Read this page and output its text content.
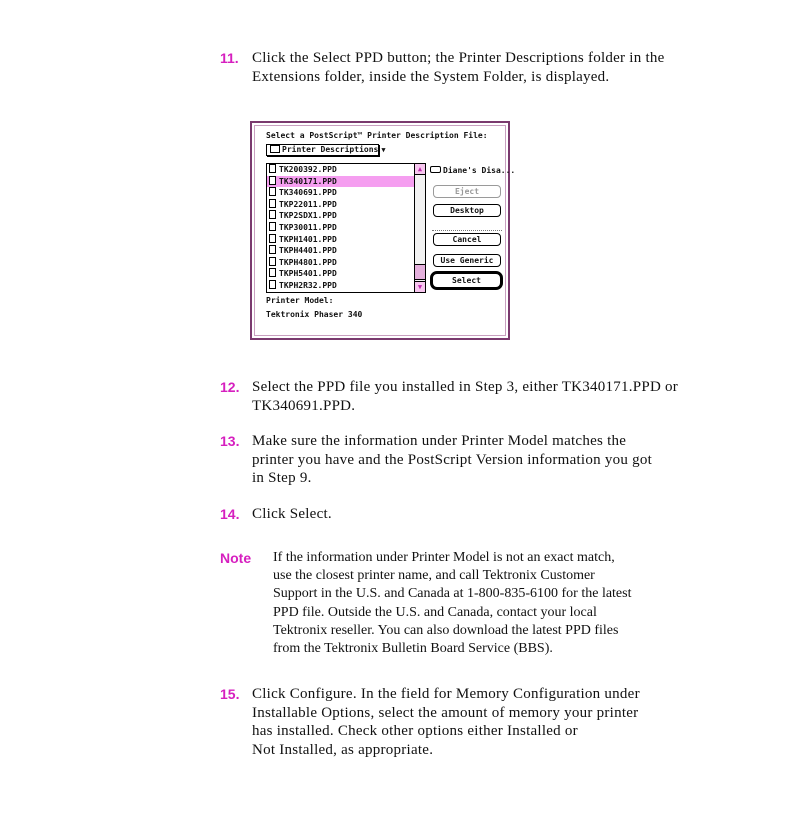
11. Click the Select PPD button; the Printer Descriptions folder in the
Extensions folder, inside the System Folder, is displayed.
Select a PostScript™ Printer Description File:
Printer Descriptions ▼
TK200392.PPD
TK340171.PPD
TK340691.PPD
TKP22011.PPD
TKP2SDX1.PPD
TKP30011.PPD
TKPH1401.PPD
TKPH4401.PPD
TKPH4801.PPD
TKPH5401.PPD
TKPH2R32.PPD
▲
▼
Diane's Disa...
Eject
Desktop
Cancel
Use Generic
Select
Printer Model:
Tektronix Phaser 340
12. Select the PPD file you installed in Step 3, either TK340171.PPD or
TK340691.PPD.
13. Make sure the information under Printer Model matches the
printer you have and the PostScript Version information you got
in Step 9.
14. Click Select.
Note If the information under Printer Model is not an exact match,
use the closest printer name, and call Tektronix Customer
Support in the U.S. and Canada at 1-800-835-6100 for the latest
PPD file. Outside the U.S. and Canada, contact your local
Tektronix reseller. You can also download the latest PPD files
from the Tektronix Bulletin Board Service (BBS).
15. Click Configure. In the field for Memory Configuration under
Installable Options, select the amount of memory your printer
has installed. Check other options either Installed or
Not Installed, as appropriate.
